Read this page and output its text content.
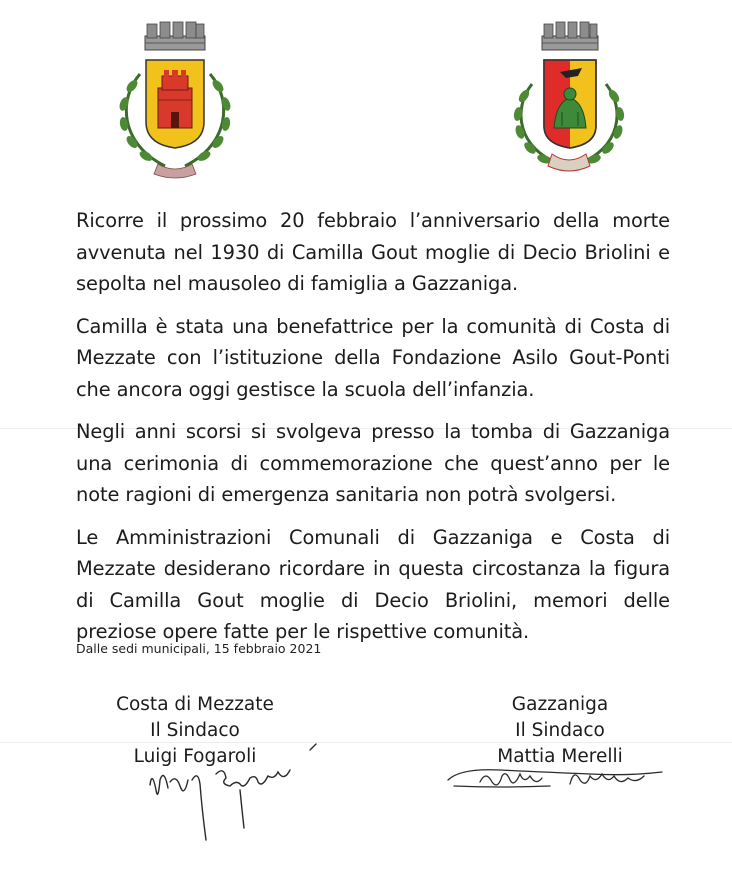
Ricorre il prossimo 20 febbraio l’anniversario della morte avvenuta nel 1930 di Camilla Gout moglie di Decio Briolini e sepolta nel mausoleo di famiglia a Gazzaniga.

Camilla è stata una benefattrice per la comunità di Costa di Mezzate con l’istituzione della Fondazione Asilo Gout-Ponti che ancora oggi gestisce la scuola dell’infanzia.

Negli anni scorsi si svolgeva presso la tomba di Gazzaniga una cerimonia di commemorazione che quest’anno per le note ragioni di emergenza sanitaria non potrà svolgersi.

Le Amministrazioni Comunali di Gazzaniga e Costa di Mezzate desiderano ricordare in questa circostanza la figura di Camilla Gout moglie di Decio Briolini, memori delle preziose opere fatte per le rispettive comunità.

Dalle sedi municipali, 15 febbraio 2021
Costa di Mezzate
Il Sindaco
Luigi Fogaroli
Gazzaniga
Il Sindaco
Mattia Merelli
